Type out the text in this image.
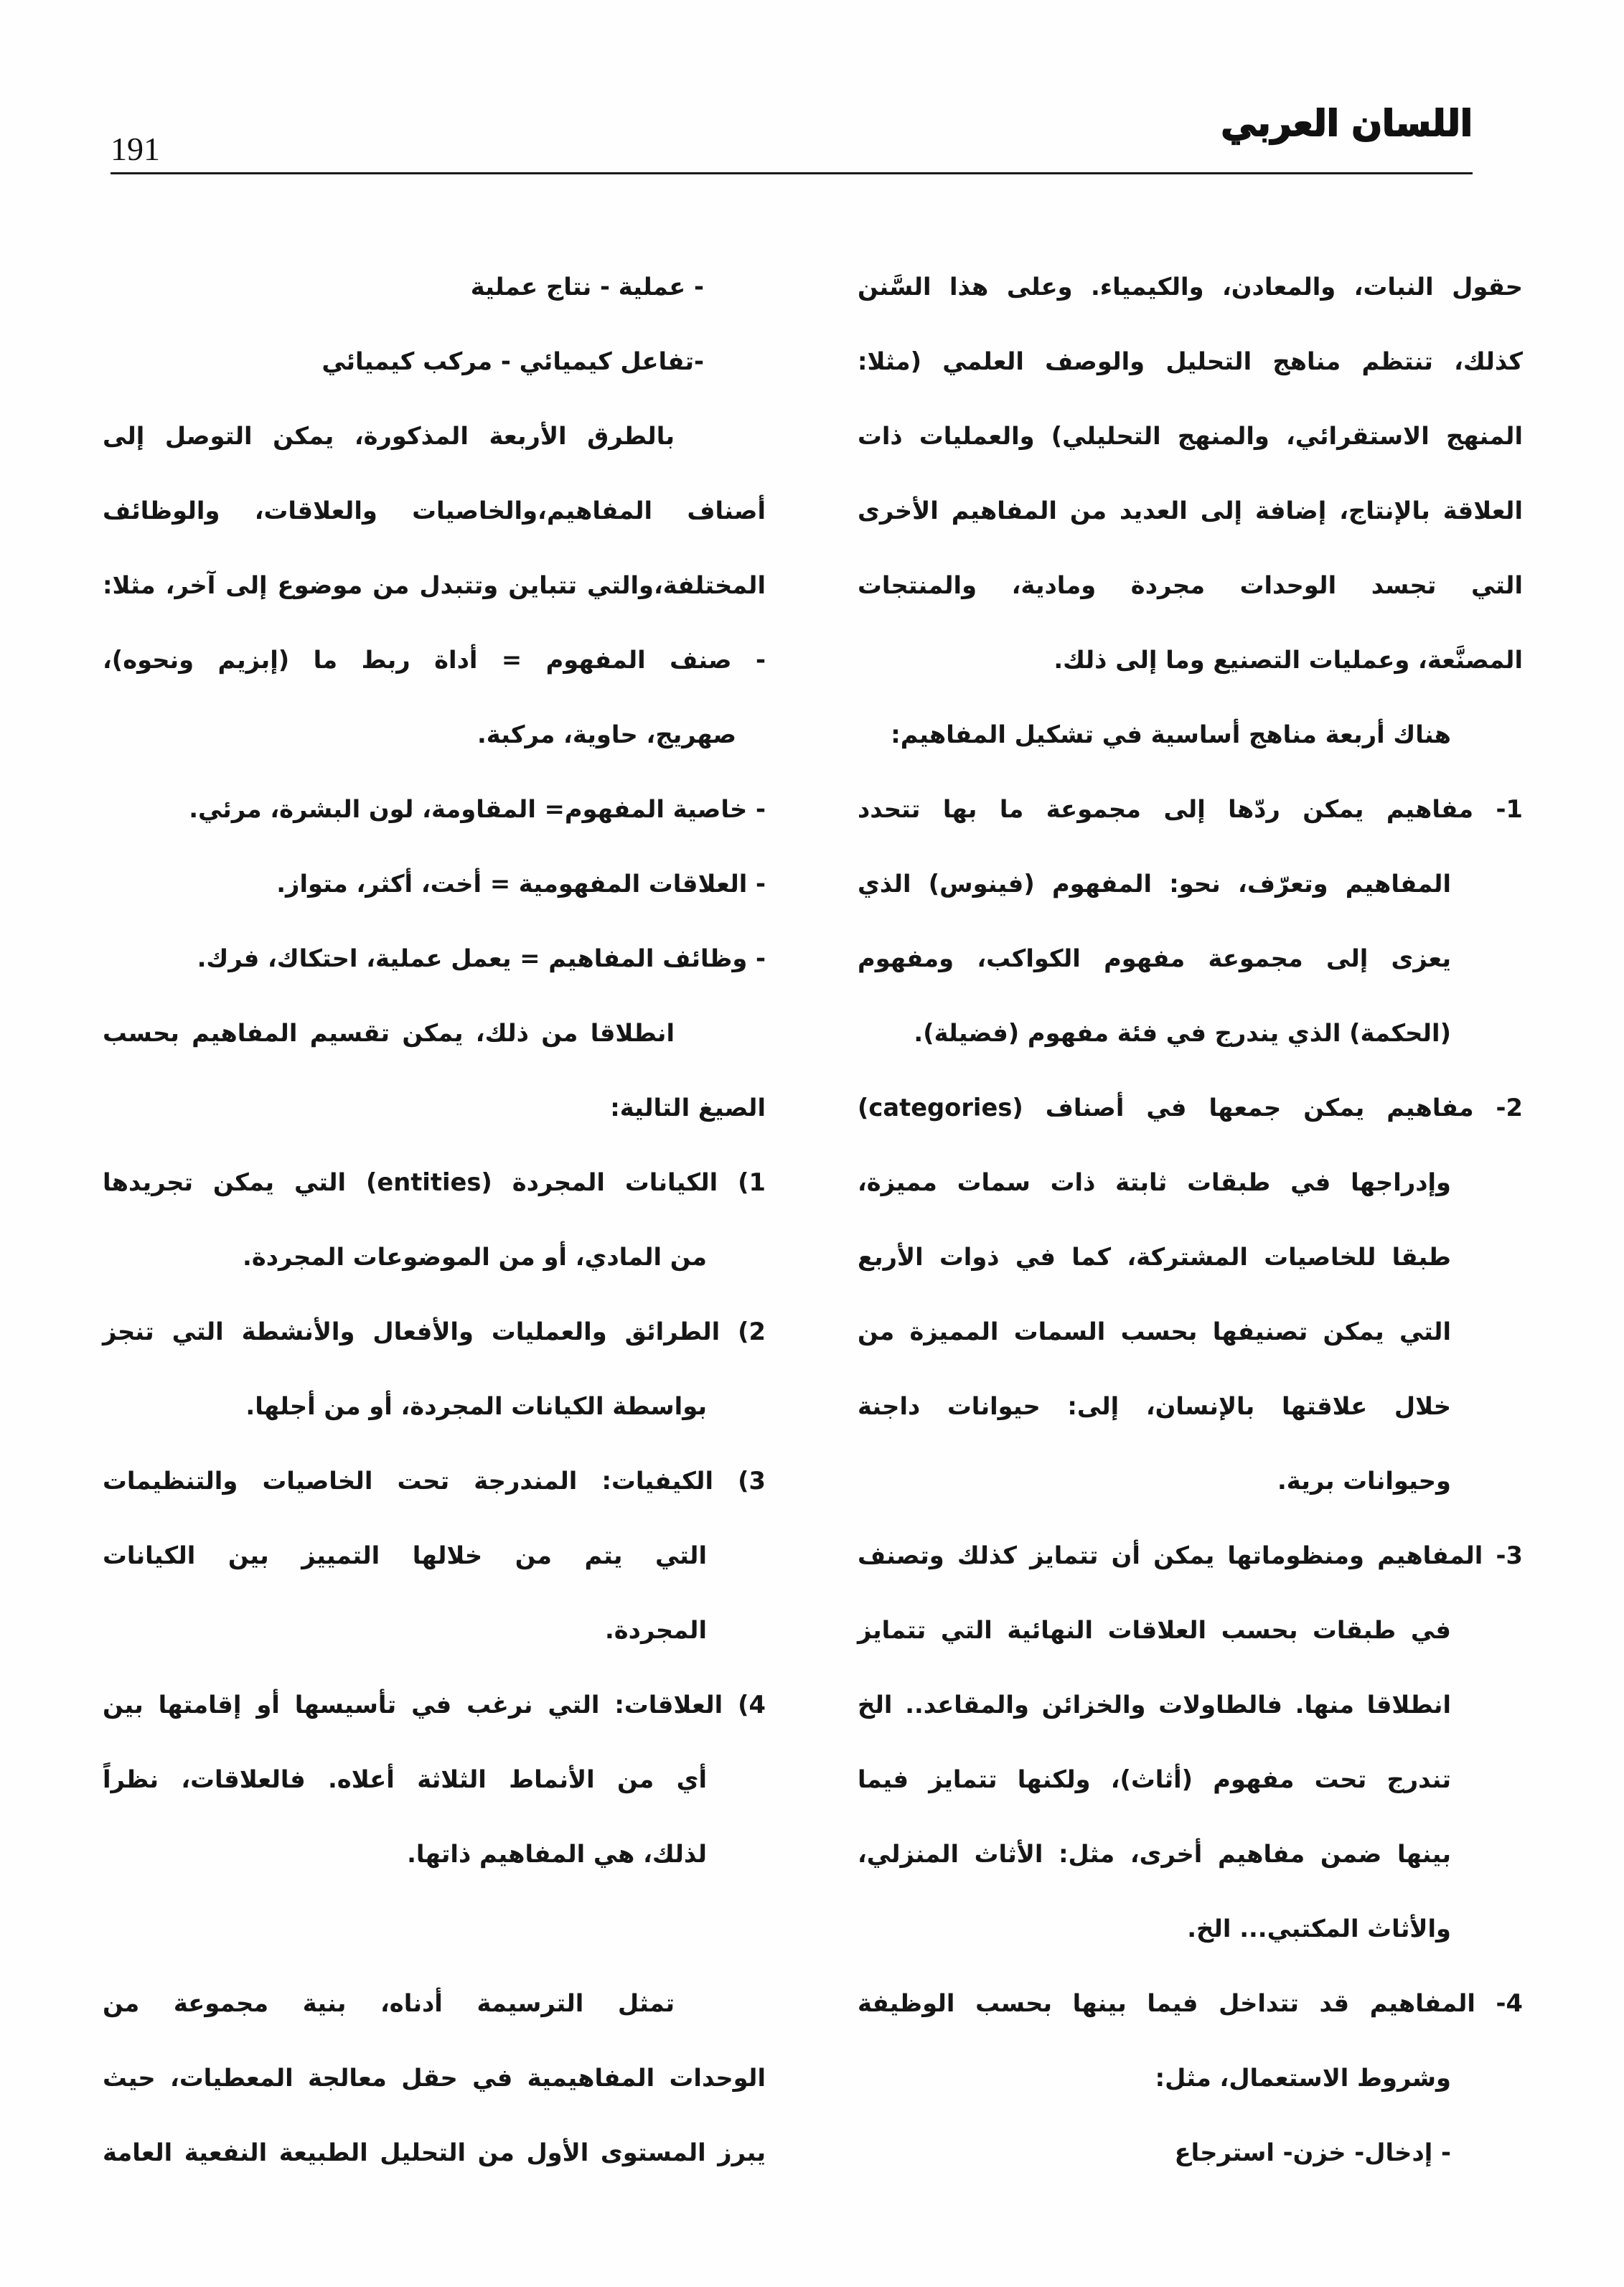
اللسان العربي
191
حقول النبات، والمعادن، والكيمياء. وعلى هذا السَّنن
كذلك، تنتظم مناهج التحليل والوصف العلمي (مثلا:
المنهج الاستقرائي، والمنهج التحليلي) والعمليات ذات
العلاقة بالإنتاج، إضافة إلى العديد من المفاهيم الأخرى
التي تجسد الوحدات مجردة ومادية، والمنتجات
المصنَّعة، وعمليات التصنيع وما إلى ذلك.
هناك أربعة مناهج أساسية في تشكيل المفاهيم:
1- مفاهيم يمكن ردّها إلى مجموعة ما بها تتحدد
المفاهيم وتعرّف، نحو: المفهوم (فينوس) الذي
يعزى إلى مجموعة مفهوم الكواكب، ومفهوم
(الحكمة) الذي يندرج في فئة مفهوم (فضيلة).
2- مفاهيم يمكن جمعها في أصناف (categories)
وإدراجها في طبقات ثابتة ذات سمات مميزة،
طبقا للخاصيات المشتركة، كما في ذوات الأربع
التي يمكن تصنيفها بحسب السمات المميزة من
خلال علاقتها بالإنسان، إلى: حيوانات داجنة
وحيوانات برية.
3- المفاهيم ومنظوماتها يمكن أن تتمايز كذلك وتصنف
في طبقات بحسب العلاقات النهائية التي تتمايز
انطلاقا منها. فالطاولات والخزائن والمقاعد.. الخ
تندرج تحت مفهوم (أثاث)، ولكنها تتمايز فيما
بينها ضمن مفاهيم أخرى، مثل: الأثاث المنزلي،
والأثاث المكتبي... الخ.
4- المفاهيم قد تتداخل فيما بينها بحسب الوظيفة
وشروط الاستعمال، مثل:
- إدخال- خزن- استرجاع
- عملية - نتاج عملية
-تفاعل كيميائي - مركب كيميائي
بالطرق الأربعة المذكورة، يمكن التوصل إلى
أصناف المفاهيم،والخاصيات والعلاقات، والوظائف
المختلفة،والتي تتباين وتتبدل من موضوع إلى آخر، مثلا:
- صنف المفهوم = أداة ربط ما (إبزيم ونحوه)،
صهريج، حاوية، مركبة.
- خاصية المفهوم= المقاومة، لون البشرة، مرئي.
- العلاقات المفهومية = أخت، أكثر، متواز.
- وظائف المفاهيم = يعمل عملية، احتكاك، فرك.
انطلاقا من ذلك، يمكن تقسيم المفاهيم بحسب
الصيغ التالية:
1) الكيانات المجردة (entities) التي يمكن تجريدها
من المادي، أو من الموضوعات المجردة.
2) الطرائق والعمليات والأفعال والأنشطة التي تنجز
بواسطة الكيانات المجردة، أو من أجلها.
3) الكيفيات: المندرجة تحت الخاصيات والتنظيمات
التي يتم من خلالها التمييز بين الكيانات
المجردة.
4) العلاقات: التي نرغب في تأسيسها أو إقامتها بين
أي من الأنماط الثلاثة أعلاه. فالعلاقات، نظراً
لذلك، هي المفاهيم ذاتها.
تمثل الترسيمة أدناه، بنية مجموعة من
الوحدات المفاهيمية في حقل معالجة المعطيات، حيث
يبرز المستوى الأول من التحليل الطبيعة النفعية العامة
